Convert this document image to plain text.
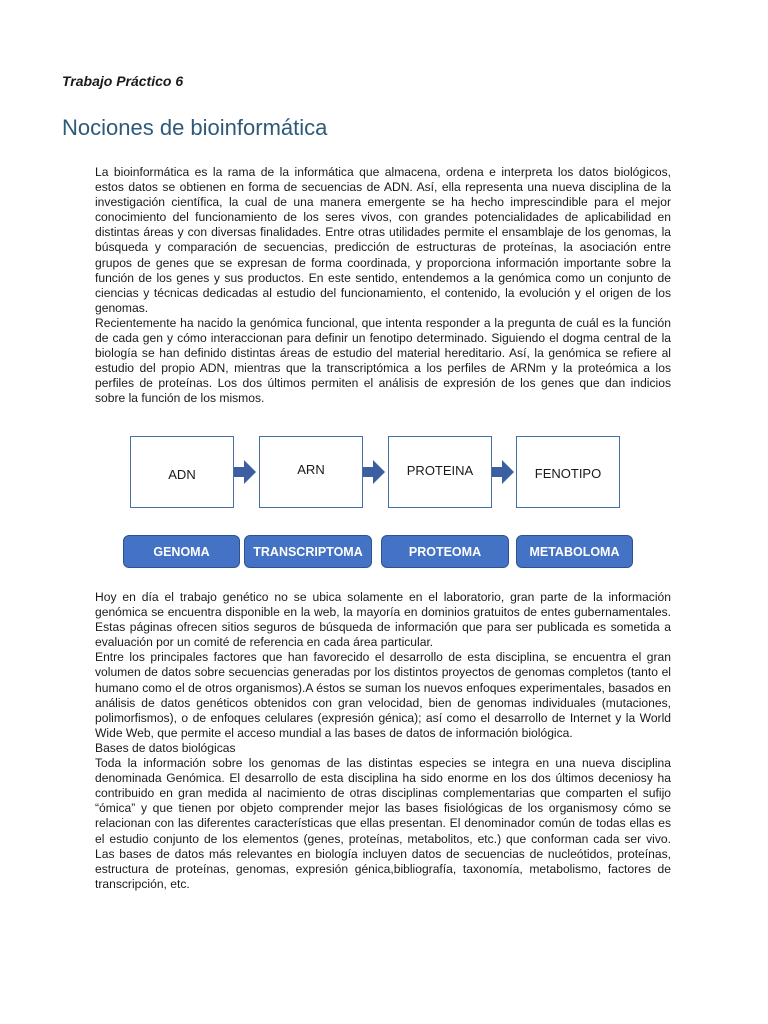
Trabajo Práctico 6
Nociones de bioinformática

La bioinformática es la rama de la informática que almacena, ordena e interpreta los datos biológicos, estos datos se obtienen en forma de secuencias de ADN. Así, ella representa una nueva disciplina de la investigación científica, la cual de una manera emergente se ha hecho imprescindible para el mejor conocimiento del funcionamiento de los seres vivos, con grandes potencialidades de aplicabilidad en distintas áreas y con diversas finalidades. Entre otras utilidades permite el ensamblaje de los genomas, la búsqueda y comparación de secuencias, predicción de estructuras de proteínas, la asociación entre grupos de genes que se expresan de forma coordinada, y proporciona información importante sobre la función de los genes y sus productos. En este sentido, entendemos a la genómica como un conjunto de ciencias y técnicas dedicadas al estudio del funcionamiento, el contenido, la evolución y el origen de los genomas.

Recientemente ha nacido la genómica funcional, que intenta responder a la pregunta de cuál es la función de cada gen y cómo interaccionan para definir un fenotipo determinado. Siguiendo el dogma central de la biología se han definido distintas áreas de estudio del material hereditario. Así, la genómica se refiere al estudio del propio ADN, mientras que la transcriptómica a los perfiles de ARNm y la proteómica a los perfiles de proteínas. Los dos últimos permiten el análisis de expresión de los genes que dan indicios sobre la función de los mismos.

ADN	ARN	PROTEINA	FENOTIPO
GENOMA	TRANSCRIPTOMA	PROTEOMA	METABOLOMA

Hoy en día el trabajo genético no se ubica solamente en el laboratorio, gran parte de la información genómica se encuentra disponible en la web, la mayoría en dominios gratuitos de entes gubernamentales. Estas páginas ofrecen sitios seguros de búsqueda de información que para ser publicada es sometida a evaluación por un comité de referencia en cada área particular.

Entre los principales factores que han favorecido el desarrollo de esta disciplina, se encuentra el gran volumen de datos sobre secuencias generadas por los distintos proyectos de genomas completos (tanto el humano como el de otros organismos).A éstos se suman los nuevos enfoques experimentales, basados en análisis de datos genéticos obtenidos con gran velocidad, bien de genomas individuales (mutaciones, polimorfismos), o de enfoques celulares (expresión génica); así como el desarrollo de Internet y la World Wide Web, que permite el acceso mundial a las bases de datos de información biológica.

Bases de datos biológicas

Toda la información sobre los genomas de las distintas especies se integra en una nueva disciplina denominada Genómica. El desarrollo de esta disciplina ha sido enorme en los dos últimos deceniosy ha contribuido en gran medida al nacimiento de otras disciplinas complementarias que comparten el sufijo “ómica” y que tienen por objeto comprender mejor las bases fisiológicas de los organismosy cómo se relacionan con las diferentes características que ellas presentan. El denominador común de todas ellas es el estudio conjunto de los elementos (genes, proteínas, metabolitos, etc.) que conforman cada ser vivo. Las bases de datos más relevantes en biología incluyen datos de secuencias de nucleótidos, proteínas, estructura de proteínas, genomas, expresión génica,bibliografía, taxonomía, metabolismo, factores de transcripción, etc.
